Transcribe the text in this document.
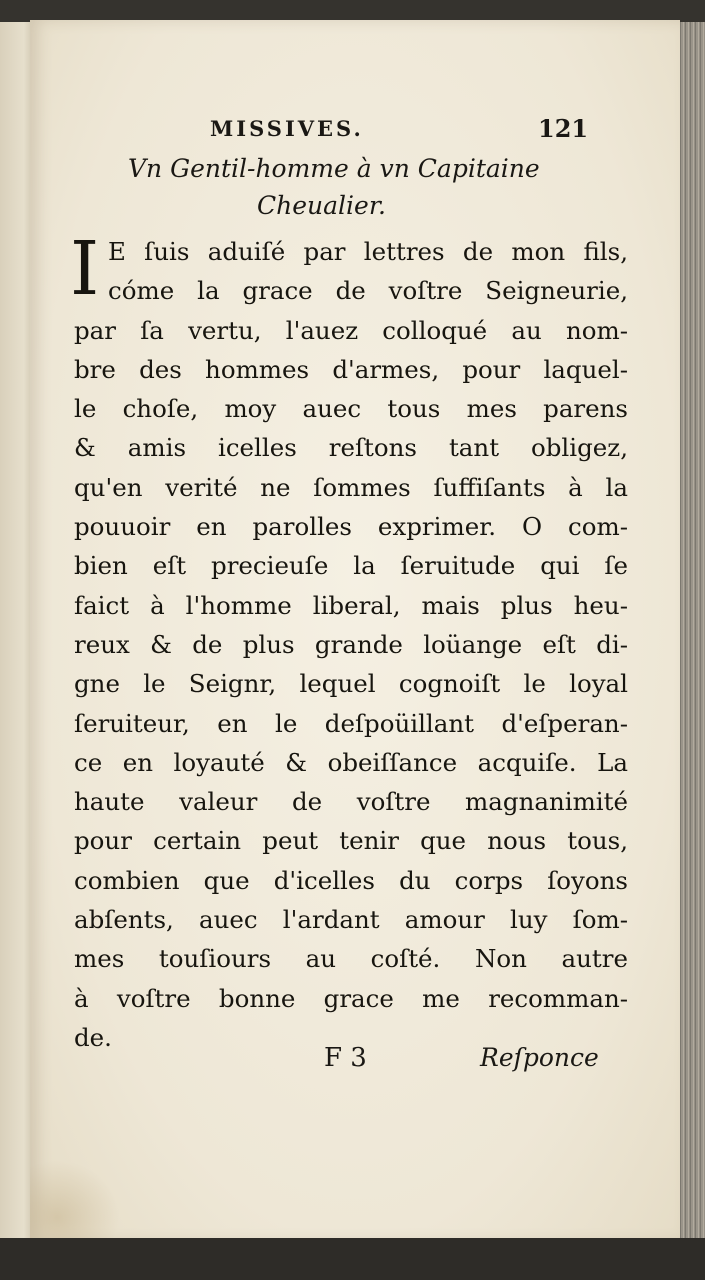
MISSIVES.	121
Vn Gentil-homme à vn Capitaine
Cheualier.
I E ſuis aduiſé par lettres de mon fils,
cóme la grace de voſtre Seigneurie,
par ſa vertu, l'auez colloqué au nom-
bre des hommes d'armes, pour laquel-
le choſe, moy auec tous mes parens
& amis icelles reſtons tant obligez,
qu'en verité ne ſommes ſuffiſants à la
pouuoir en parolles exprimer. O com-
bien eſt precieuſe la ſeruitude qui ſe
faict à l'homme liberal, mais plus heu-
reux & de plus grande loüange eſt di-
gne le Seignr, lequel cognoiſt le loyal
ſeruiteur, en le deſpoüillant d'eſperan-
ce en loyauté & obeiſſance acquiſe. La
haute valeur de voſtre magnanimité
pour certain peut tenir que nous tous,
combien que d'icelles du corps ſoyons
abſents, auec l'ardant amour luy ſom-
mes touſiours au coſté. Non autre
à voſtre bonne grace me recomman-
de.
F 3	Reſponce
